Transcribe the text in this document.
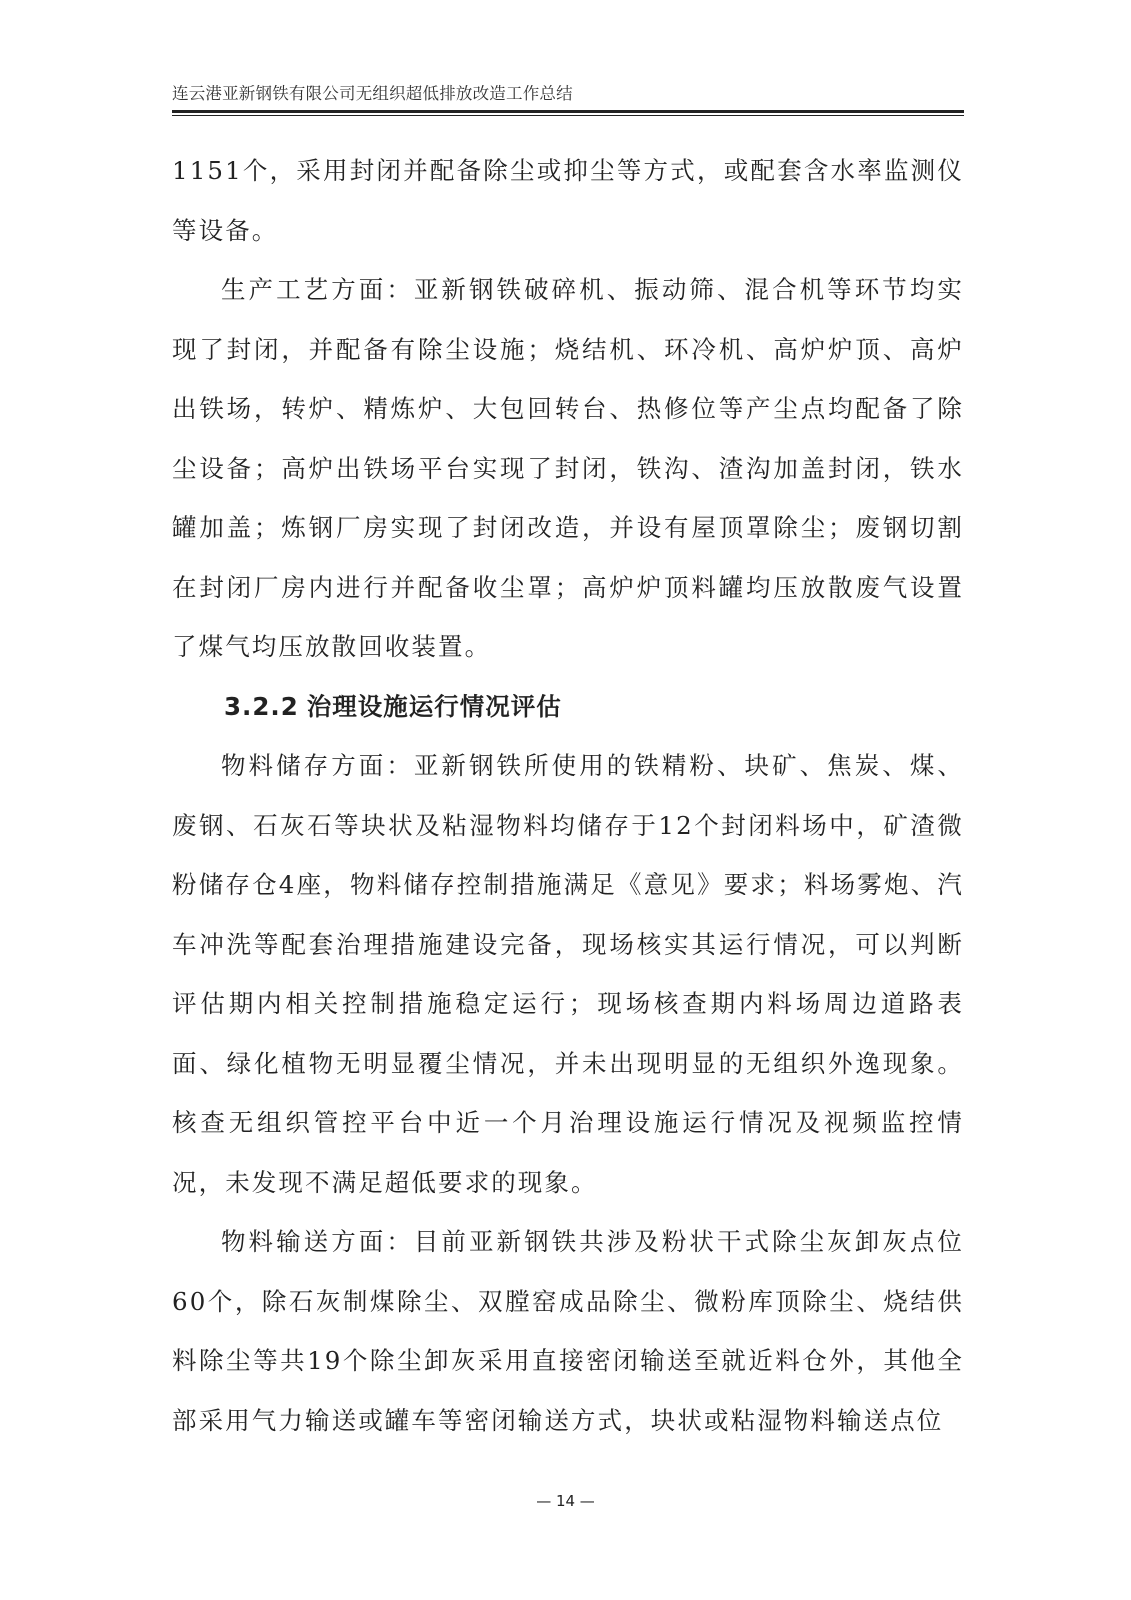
连云港亚新钢铁有限公司无组织超低排放改造工作总结

1151个，采用封闭并配备除尘或抑尘等方式，或配套含水率监测仪等设备。

生产工艺方面：亚新钢铁破碎机、振动筛、混合机等环节均实现了封闭，并配备有除尘设施；烧结机、环冷机、高炉炉顶、高炉出铁场，转炉、精炼炉、大包回转台、热修位等产尘点均配备了除尘设备；高炉出铁场平台实现了封闭，铁沟、渣沟加盖封闭，铁水罐加盖；炼钢厂房实现了封闭改造，并设有屋顶罩除尘；废钢切割在封闭厂房内进行并配备收尘罩；高炉炉顶料罐均压放散废气设置了煤气均压放散回收装置。

3.2.2 治理设施运行情况评估

物料储存方面：亚新钢铁所使用的铁精粉、块矿、焦炭、煤、废钢、石灰石等块状及粘湿物料均储存于12个封闭料场中，矿渣微粉储存仓4座，物料储存控制措施满足《意见》要求；料场雾炮、汽车冲洗等配套治理措施建设完备，现场核实其运行情况，可以判断评估期内相关控制措施稳定运行；现场核查期内料场周边道路表面、绿化植物无明显覆尘情况，并未出现明显的无组织外逸现象。核查无组织管控平台中近一个月治理设施运行情况及视频监控情况，未发现不满足超低要求的现象。

物料输送方面：目前亚新钢铁共涉及粉状干式除尘灰卸灰点位60个，除石灰制煤除尘、双膛窑成品除尘、微粉库顶除尘、烧结供料除尘等共19个除尘卸灰采用直接密闭输送至就近料仓外，其他全部采用气力输送或罐车等密闭输送方式，块状或粘湿物料输送点位

— 14 —
